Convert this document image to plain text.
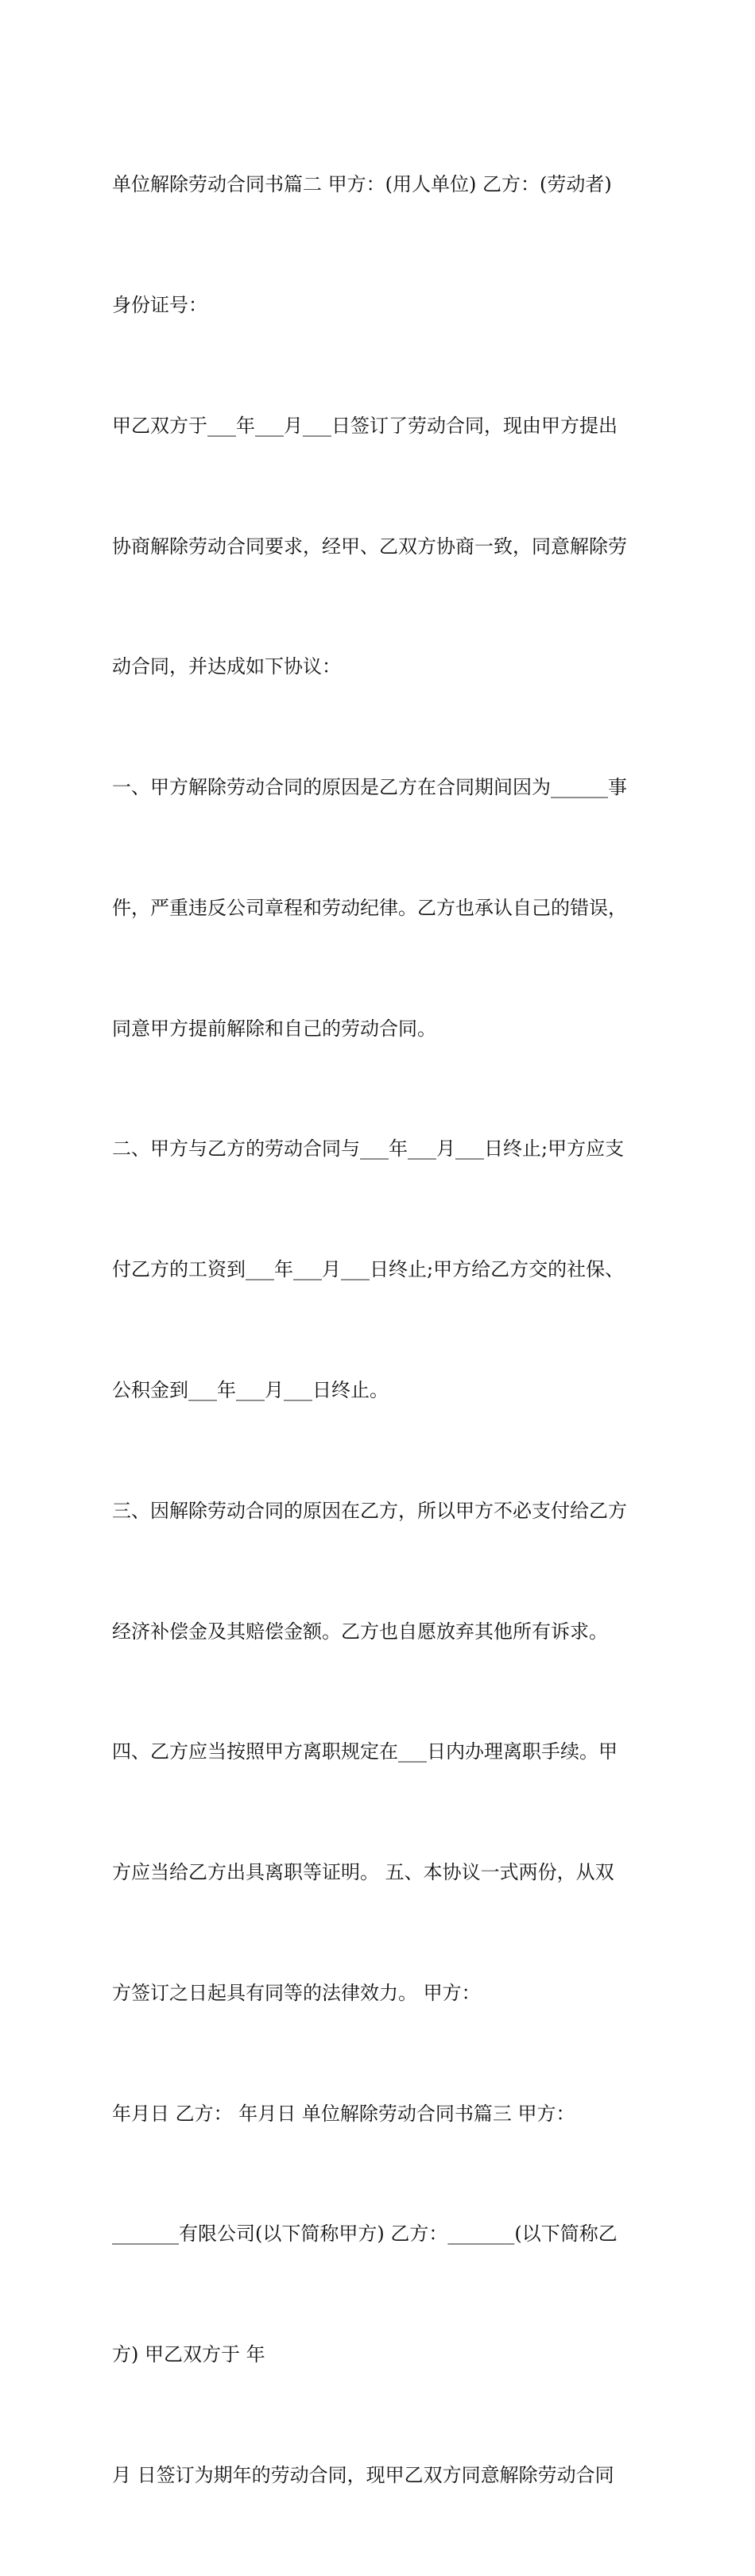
单位解除劳动合同书篇二 甲方：(用人单位) 乙方：(劳动者)

身份证号：

甲乙双方于___年___月___日签订了劳动合同，现由甲方提出

协商解除劳动合同要求，经甲、乙双方协商一致，同意解除劳

动合同，并达成如下协议：

一、甲方解除劳动合同的原因是乙方在合同期间因为______事

件，严重违反公司章程和劳动纪律。乙方也承认自己的错误，

同意甲方提前解除和自己的劳动合同。

二、甲方与乙方的劳动合同与___年___月___日终止;甲方应支

付乙方的工资到___年___月___日终止;甲方给乙方交的社保、

公积金到___年___月___日终止。

三、因解除劳动合同的原因在乙方，所以甲方不必支付给乙方

经济补偿金及其赔偿金额。乙方也自愿放弃其他所有诉求。

四、乙方应当按照甲方离职规定在___日内办理离职手续。甲

方应当给乙方出具离职等证明。 五、本协议一式两份，从双

方签订之日起具有同等的法律效力。 甲方：

年月日 乙方： 年月日 单位解除劳动合同书篇三 甲方：

_______有限公司(以下简称甲方) 乙方：_______(以下简称乙

方) 甲乙双方于 年

月 日签订为期年的劳动合同，现甲乙双方同意解除劳动合同
